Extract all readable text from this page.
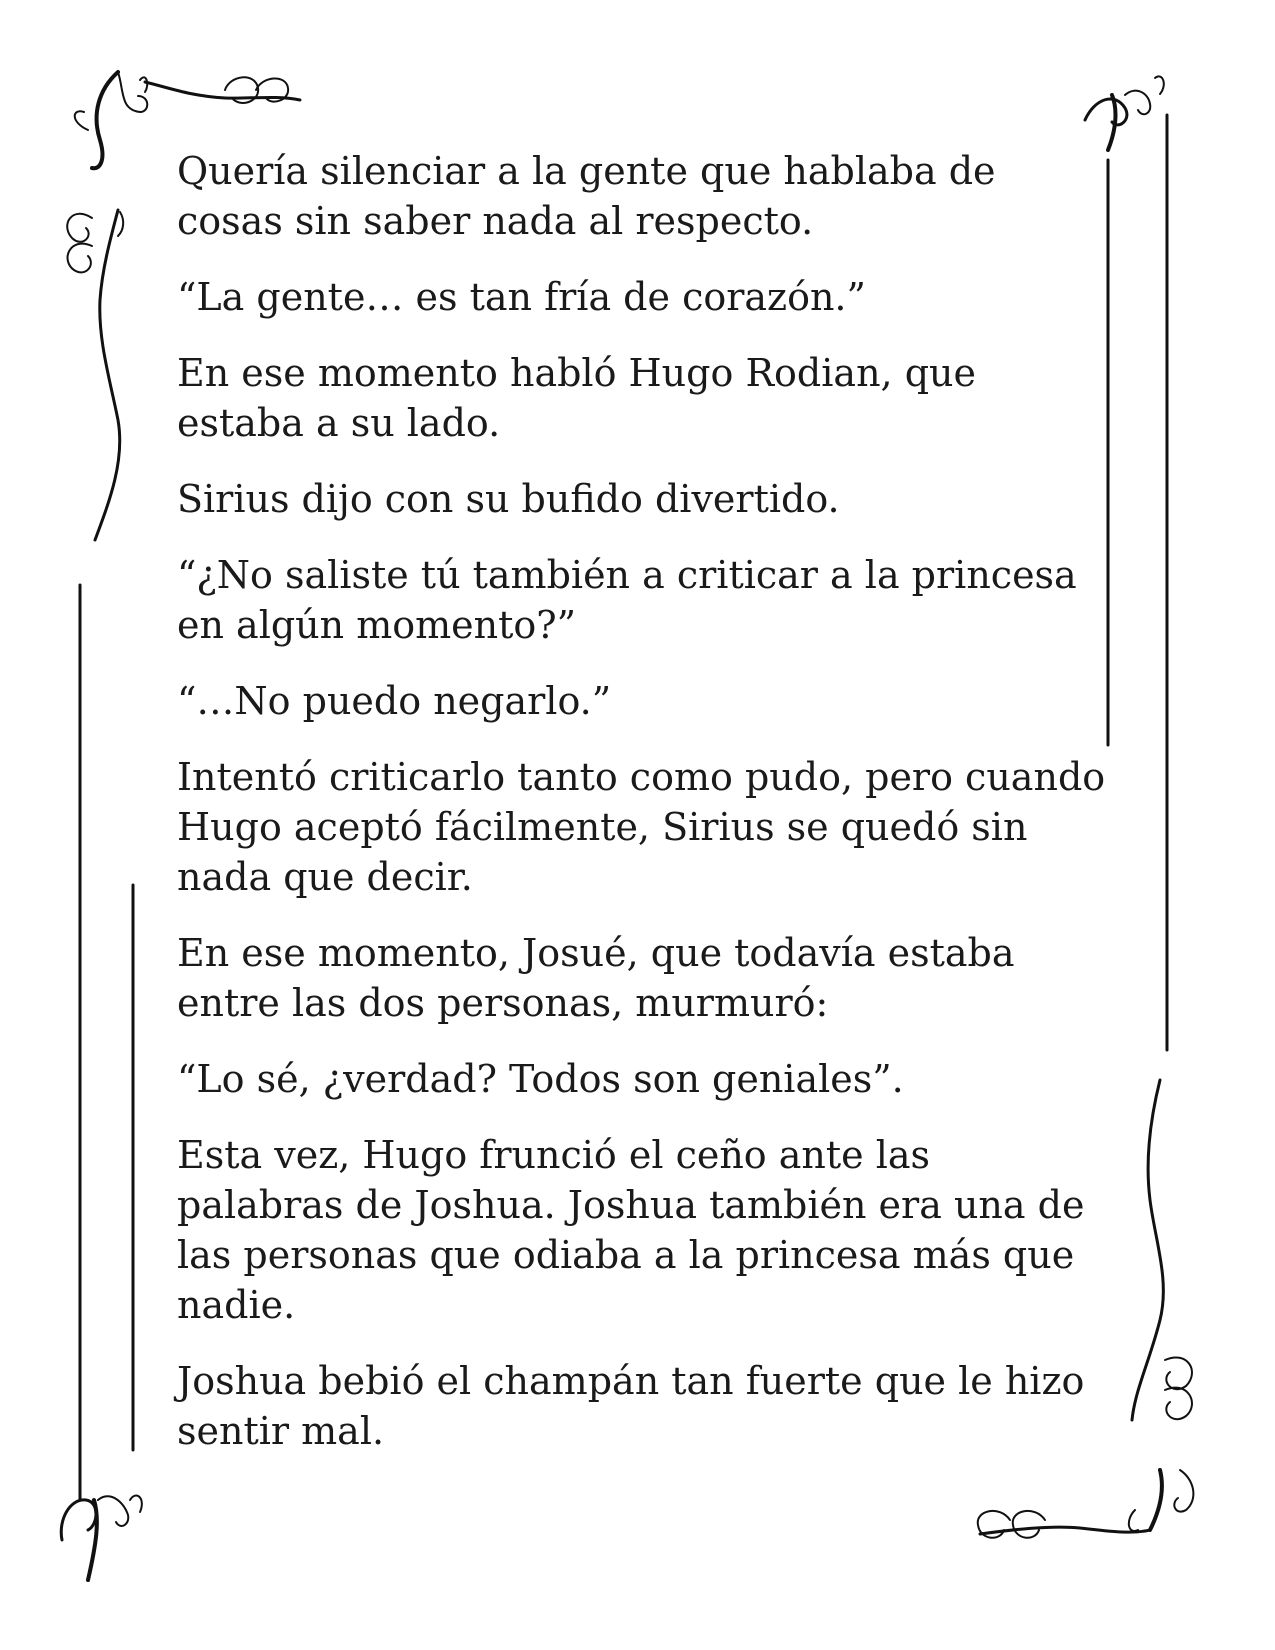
Quería silenciar a la gente que hablaba de
cosas sin saber nada al respecto.

“La gente… es tan fría de corazón.”

En ese momento habló Hugo Rodian, que
estaba a su lado.

Sirius dijo con su bufido divertido.

“¿No saliste tú también a criticar a la princesa
en algún momento?”

“…No puedo negarlo.”

Intentó criticarlo tanto como pudo, pero cuando
Hugo aceptó fácilmente, Sirius se quedó sin
nada que decir.

En ese momento, Josué, que todavía estaba
entre las dos personas, murmuró:

“Lo sé, ¿verdad? Todos son geniales”.

Esta vez, Hugo frunció el ceño ante las
palabras de Joshua. Joshua también era una de
las personas que odiaba a la princesa más que
nadie.

Joshua bebió el champán tan fuerte que le hizo
sentir mal.
